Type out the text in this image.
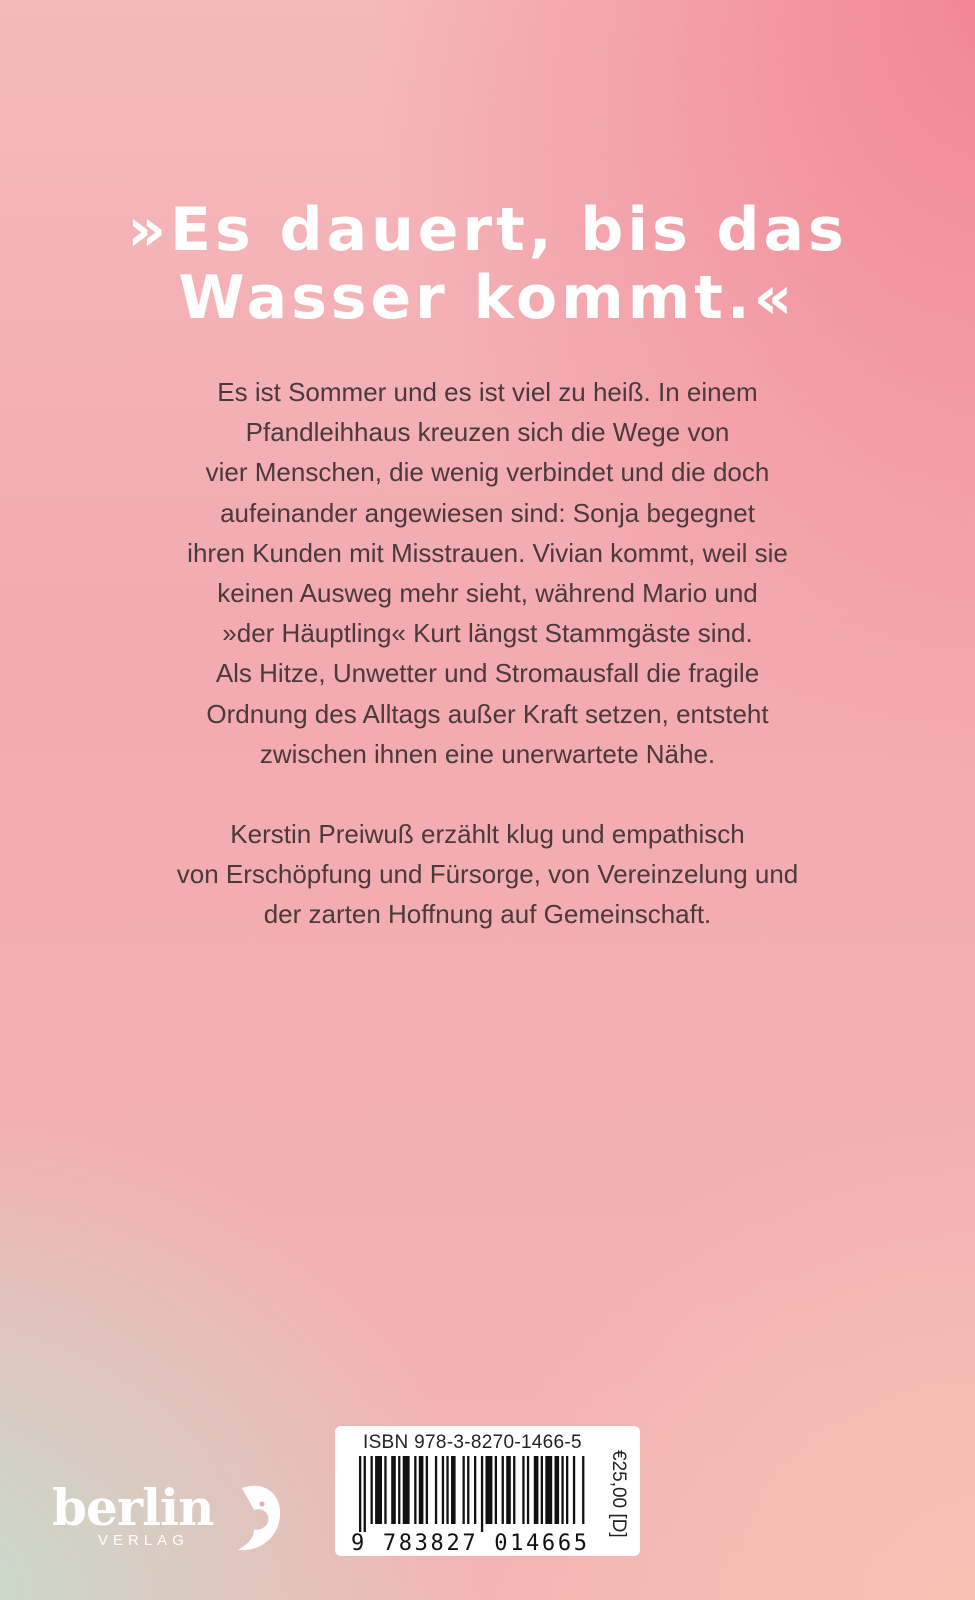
»Es dauert, bis das
Wasser kommt.«

Es ist Sommer und es ist viel zu heiß. In einem
Pfandleihhaus kreuzen sich die Wege von
vier Menschen, die wenig verbindet und die doch
aufeinander angewiesen sind: Sonja begegnet
ihren Kunden mit Misstrauen. Vivian kommt, weil sie
keinen Ausweg mehr sieht, während Mario und
»der Häuptling« Kurt längst Stammgäste sind.
Als Hitze, Unwetter und Stromausfall die fragile
Ordnung des Alltags außer Kraft setzen, entsteht
zwischen ihnen eine unerwartete Nähe.

Kerstin Preiwuß erzählt klug und empathisch
von Erschöpfung und Fürsorge, von Vereinzelung und
der zarten Hoffnung auf Gemeinschaft.

berlin
VERLAG
ISBN 978-3-8270-1466-5
9 783827 014665
€25,00 [D]
